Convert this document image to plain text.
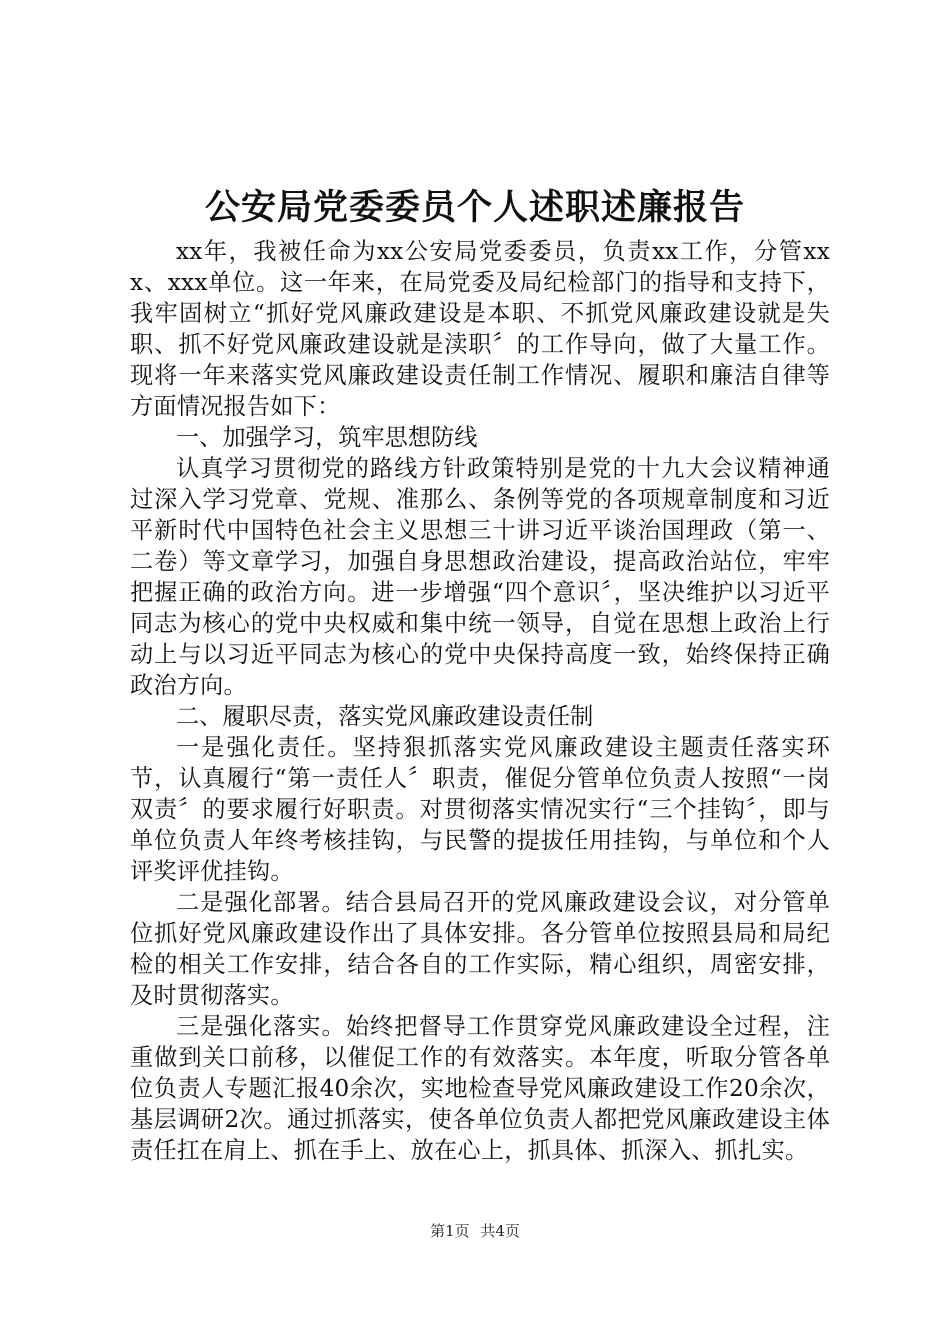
公安局党委委员个人述职述廉报告

xx年，我被任命为xx公安局党委委员，负责xx工作，分管xxx、xxx单位。这一年来，在局党委及局纪检部门的指导和支持下，我牢固树立“抓好党风廉政建设是本职、不抓党风廉政建设就是失职、抓不好党风廉政建设就是渎职〞的工作导向，做了大量工作。现将一年来落实党风廉政建设责任制工作情况、履职和廉洁自律等方面情况报告如下：

一、加强学习，筑牢思想防线

认真学习贯彻党的路线方针政策特别是党的十九大会议精神通过深入学习党章、党规、准那么、条例等党的各项规章制度和习近平新时代中国特色社会主义思想三十讲习近平谈治国理政（第一、二卷）等文章学习，加强自身思想政治建设，提高政治站位，牢牢把握正确的政治方向。进一步增强“四个意识〞，坚决维护以习近平同志为核心的党中央权威和集中统一领导，自觉在思想上政治上行动上与以习近平同志为核心的党中央保持高度一致，始终保持正确政治方向。

二、履职尽责，落实党风廉政建设责任制

一是强化责任。坚持狠抓落实党风廉政建设主题责任落实环节，认真履行“第一责任人〞职责，催促分管单位负责人按照“一岗双责〞的要求履行好职责。对贯彻落实情况实行“三个挂钩〞，即与单位负责人年终考核挂钩，与民警的提拔任用挂钩，与单位和个人评奖评优挂钩。

二是强化部署。结合县局召开的党风廉政建设会议，对分管单位抓好党风廉政建设作出了具体安排。各分管单位按照县局和局纪检的相关工作安排，结合各自的工作实际，精心组织，周密安排，及时贯彻落实。

三是强化落实。始终把督导工作贯穿党风廉政建设全过程，注重做到关口前移，以催促工作的有效落实。本年度，听取分管各单位负责人专题汇报40余次，实地检查导党风廉政建设工作20余次，基层调研2次。通过抓落实，使各单位负责人都把党风廉政建设主体责任扛在肩上、抓在手上、放在心上，抓具体、抓深入、抓扎实。

第1页 共4页
